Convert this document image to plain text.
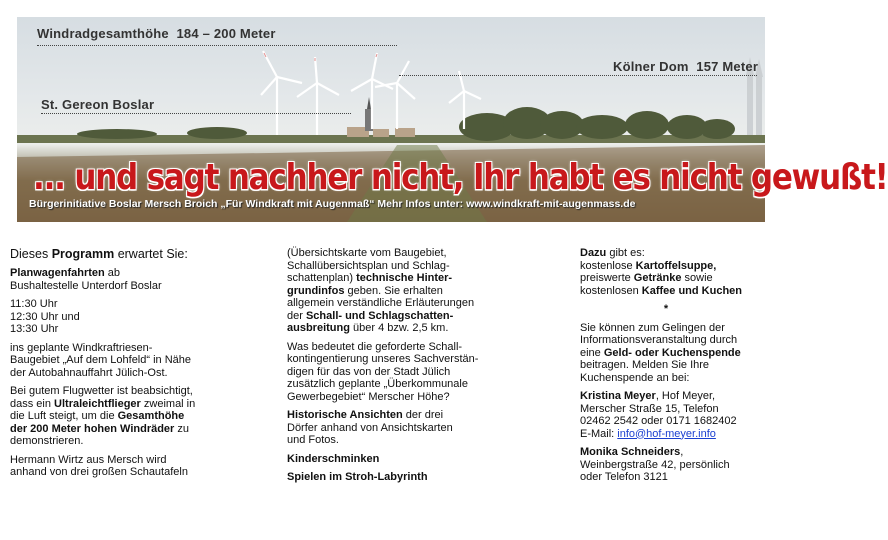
Windradgesamthöhe 184 – 200 Meter
Kölner Dom 157 Meter
St. Gereon Boslar
... und sagt nachher nicht, Ihr habt es nicht gewußt!
Bürgerinitiative Boslar Mersch Broich „Für Windkraft mit Augenmaß“ Mehr Infos unter: www.windkraft-mit-augenmass.de

Dieses Programm erwartet Sie:

Planwagenfahrten ab
Bushaltestelle Unterdorf Boslar

11:30 Uhr
12:30 Uhr und
13:30 Uhr

ins geplante Windkraftriesen-
Baugebiet „Auf dem Lohfeld“ in Nähe
der Autobahnauffahrt Jülich-Ost.

Bei gutem Flugwetter ist beabsichtigt,
dass ein Ultraleichtflieger zweimal in
die Luft steigt, um die Gesamthöhe
der 200 Meter hohen Windräder zu
demonstrieren.

Hermann Wirtz aus Mersch wird
anhand von drei großen Schautafeln

(Übersichtskarte vom Baugebiet,
Schallübersichtsplan und Schlag-
schattenplan) technische Hinter-
grundinfos geben. Sie erhalten
allgemein verständliche Erläuterungen
der Schall- und Schlagschatten-
ausbreitung über 4 bzw. 2,5 km.

Was bedeutet die geforderte Schall-
kontingentierung unseres Sachverstän-
digen für das von der Stadt Jülich
zusätzlich geplante „Überkommunale
Gewerbegebiet“ Merscher Höhe?

Historische Ansichten der drei
Dörfer anhand von Ansichtskarten
und Fotos.

Kinderschminken

Spielen im Stroh-Labyrinth

Dazu gibt es:
kostenlose Kartoffelsuppe,
preiswerte Getränke sowie
kostenlosen Kaffee und Kuchen

*

Sie können zum Gelingen der
Informationsveranstaltung durch
eine Geld- oder Kuchenspende
beitragen. Melden Sie Ihre
Kuchenspende an bei:

Kristina Meyer, Hof Meyer,
Merscher Straße 15, Telefon
02462 2542 oder 0171 1682402
E-Mail: info@hof-meyer.info

Monika Schneiders,
Weinbergstraße 42, persönlich
oder Telefon 3121
